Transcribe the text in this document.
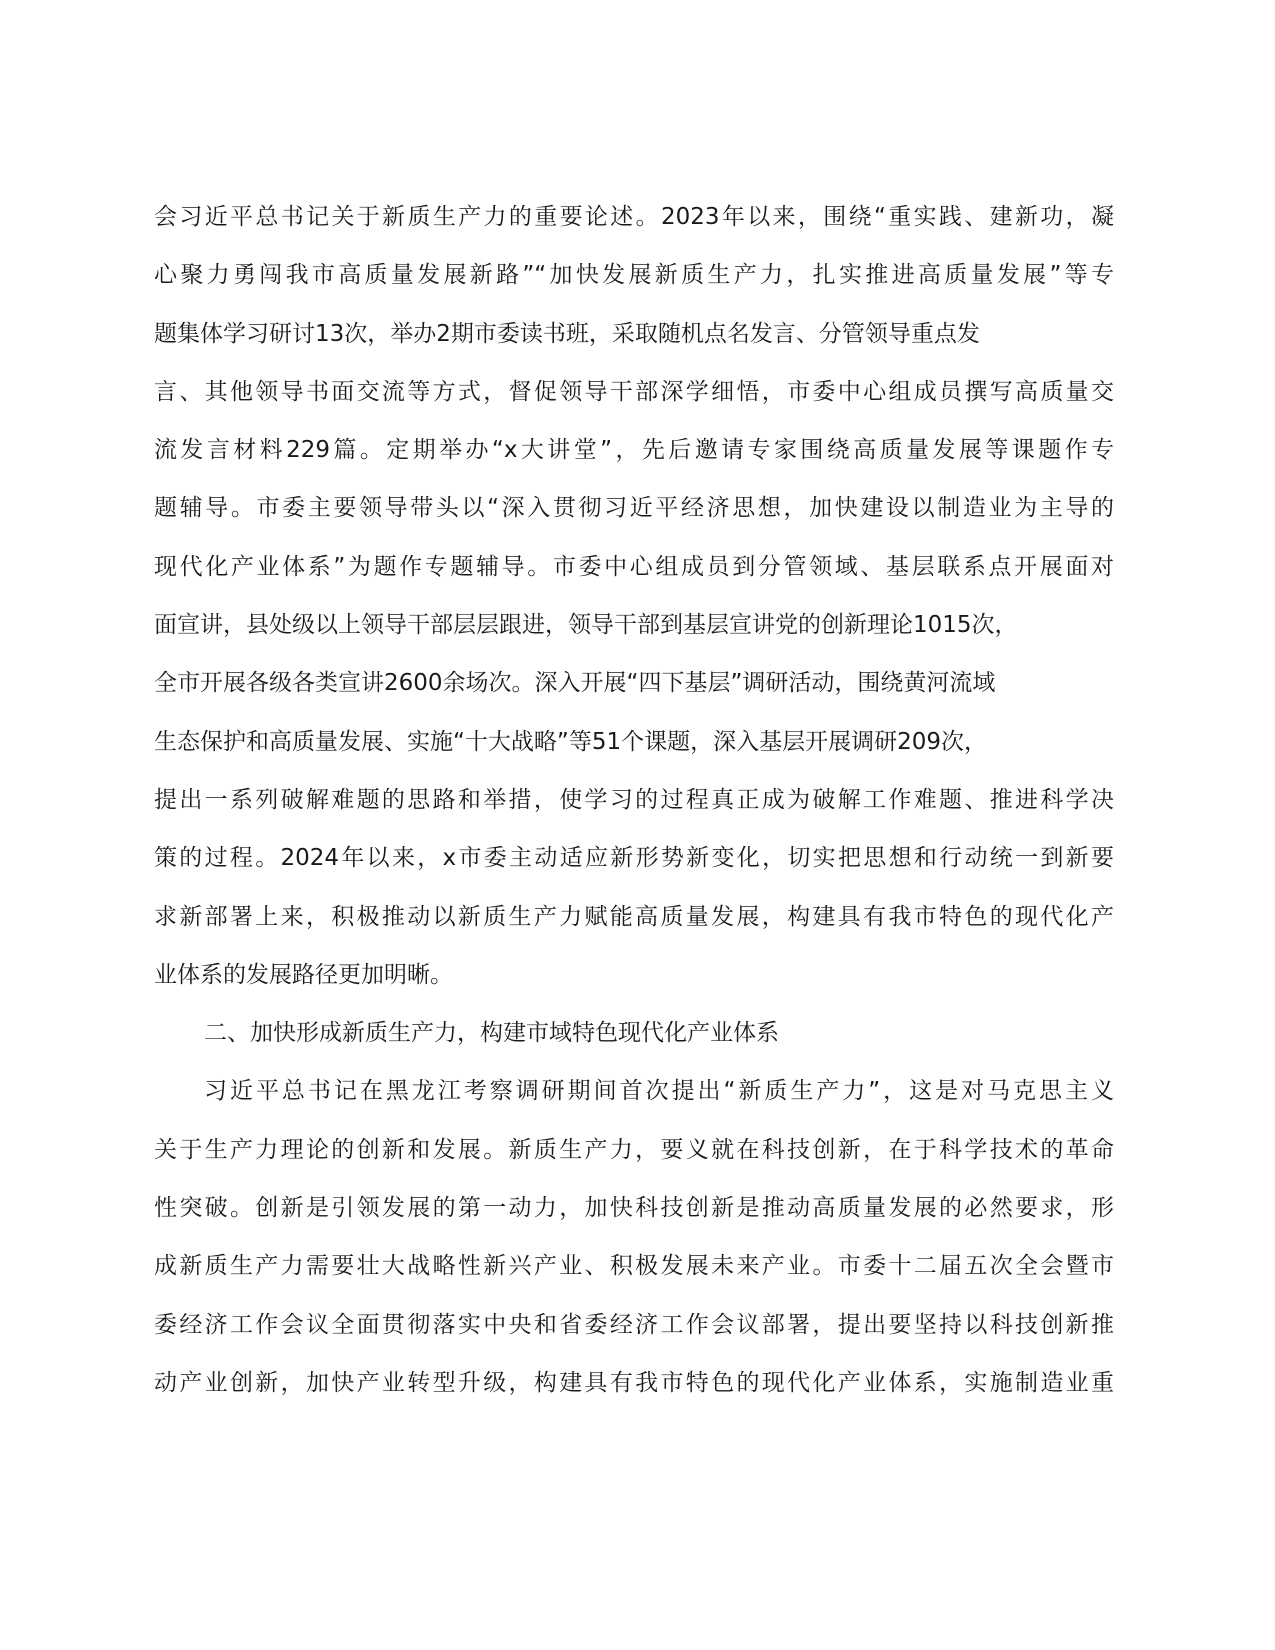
会习近平总书记关于新质生产力的重要论述。2023年以来，围绕“重实践、建新功，凝
心聚力勇闯我市高质量发展新路”“加快发展新质生产力，扎实推进高质量发展”等专
题集体学习研讨13次，举办2期市委读书班，采取随机点名发言、分管领导重点发
言、其他领导书面交流等方式，督促领导干部深学细悟，市委中心组成员撰写高质量交
流发言材料229篇。定期举办“x大讲堂”，先后邀请专家围绕高质量发展等课题作专
题辅导。市委主要领导带头以“深入贯彻习近平经济思想，加快建设以制造业为主导的
现代化产业体系”为题作专题辅导。市委中心组成员到分管领域、基层联系点开展面对
面宣讲，县处级以上领导干部层层跟进，领导干部到基层宣讲党的创新理论1015次，
全市开展各级各类宣讲2600余场次。深入开展“四下基层”调研活动，围绕黄河流域
生态保护和高质量发展、实施“十大战略”等51个课题，深入基层开展调研209次，
提出一系列破解难题的思路和举措，使学习的过程真正成为破解工作难题、推进科学决
策的过程。2024年以来，x市委主动适应新形势新变化，切实把思想和行动统一到新要
求新部署上来，积极推动以新质生产力赋能高质量发展，构建具有我市特色的现代化产
业体系的发展路径更加明晰。
二、加快形成新质生产力，构建市域特色现代化产业体系
习近平总书记在黑龙江考察调研期间首次提出“新质生产力”，这是对马克思主义
关于生产力理论的创新和发展。新质生产力，要义就在科技创新，在于科学技术的革命
性突破。创新是引领发展的第一动力，加快科技创新是推动高质量发展的必然要求，形
成新质生产力需要壮大战略性新兴产业、积极发展未来产业。市委十二届五次全会暨市
委经济工作会议全面贯彻落实中央和省委经济工作会议部署，提出要坚持以科技创新推
动产业创新，加快产业转型升级，构建具有我市特色的现代化产业体系，实施制造业重
